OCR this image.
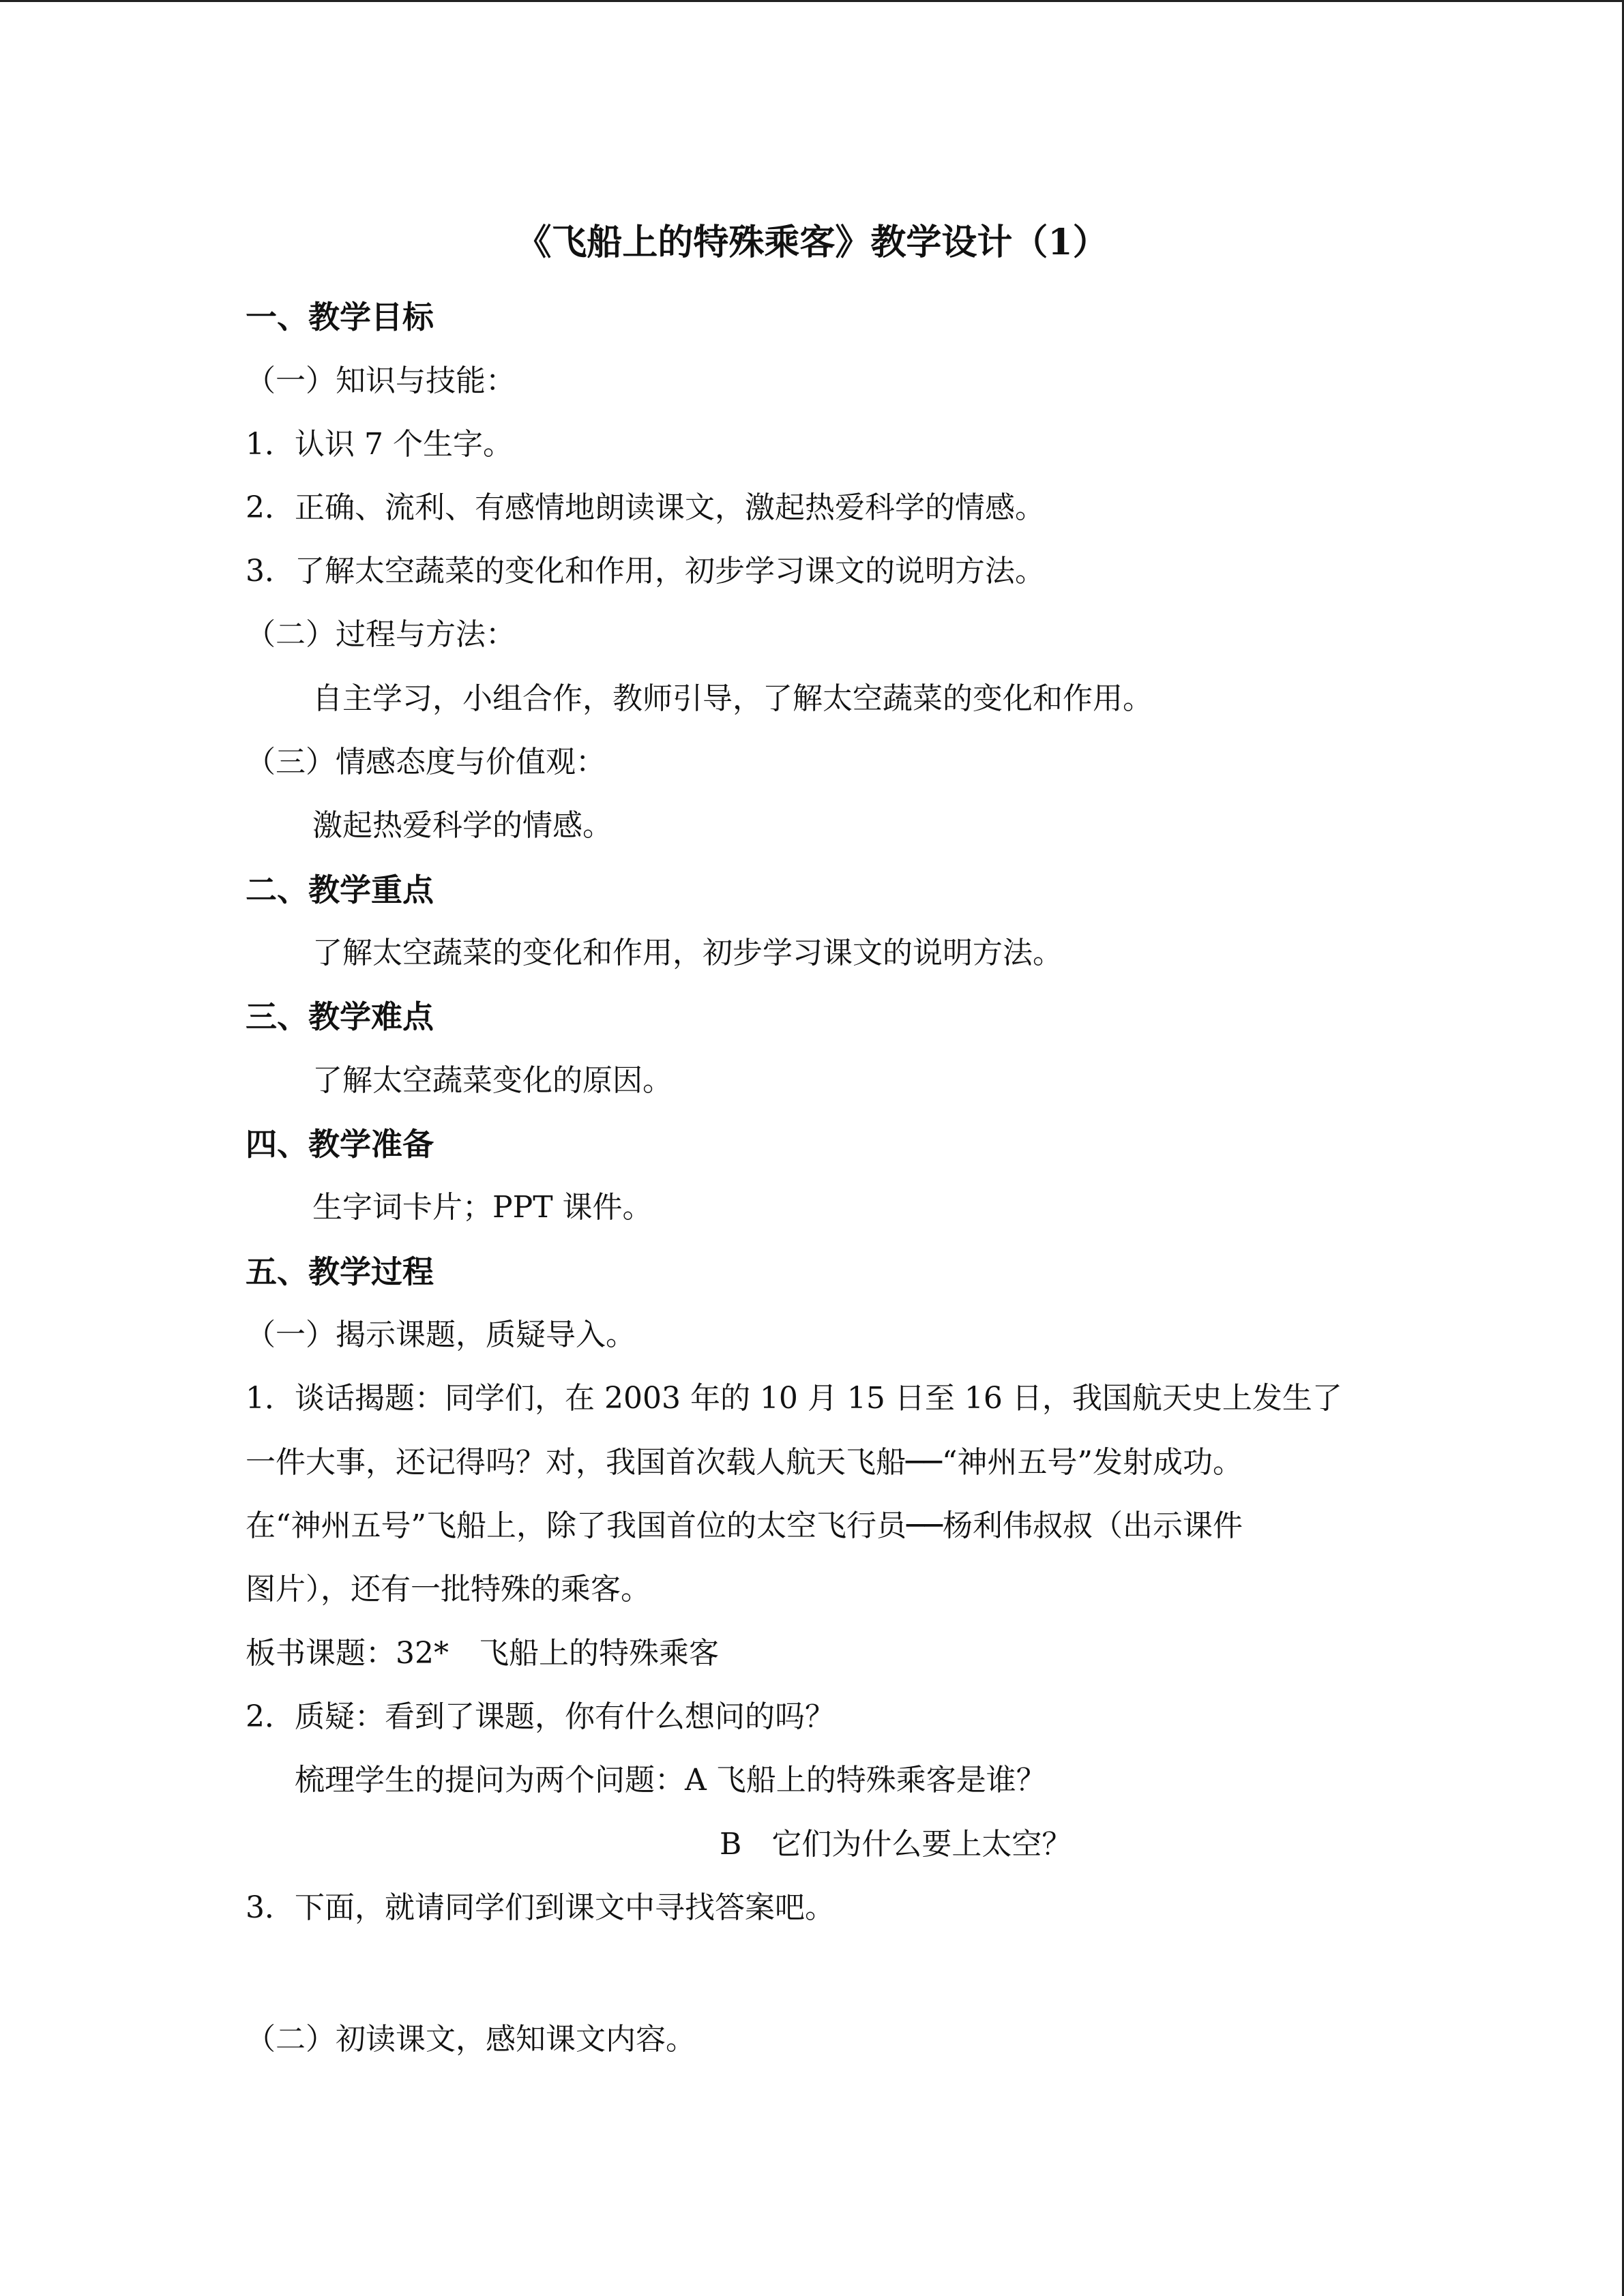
《飞船上的特殊乘客》教学设计（1）

一、教学目标

（一）知识与技能：

1．认识 7 个生字。

2．正确、流利、有感情地朗读课文，激起热爱科学的情感。

3．了解太空蔬菜的变化和作用，初步学习课文的说明方法。

（二）过程与方法：

自主学习，小组合作，教师引导，了解太空蔬菜的变化和作用。

（三）情感态度与价值观：

激起热爱科学的情感。

二、教学重点

了解太空蔬菜的变化和作用，初步学习课文的说明方法。

三、教学难点

了解太空蔬菜变化的原因。

四、教学准备

生字词卡片；PPT 课件。

五、教学过程

（一）揭示课题，质疑导入。

1．谈话揭题：同学们，在 2003 年的 10 月 15 日至 16 日，我国航天史上发生了

一件大事，还记得吗？对，我国首次载人航天飞船──“神州五号”发射成功。

在“神州五号”飞船上，除了我国首位的太空飞行员──杨利伟叔叔（出示课件

图片），还有一批特殊的乘客。

板书课题：32*　飞船上的特殊乘客

2．质疑：看到了课题，你有什么想问的吗？

梳理学生的提问为两个问题：A 飞船上的特殊乘客是谁？

B　它们为什么要上太空？

3．下面，就请同学们到课文中寻找答案吧。

（二）初读课文，感知课文内容。
